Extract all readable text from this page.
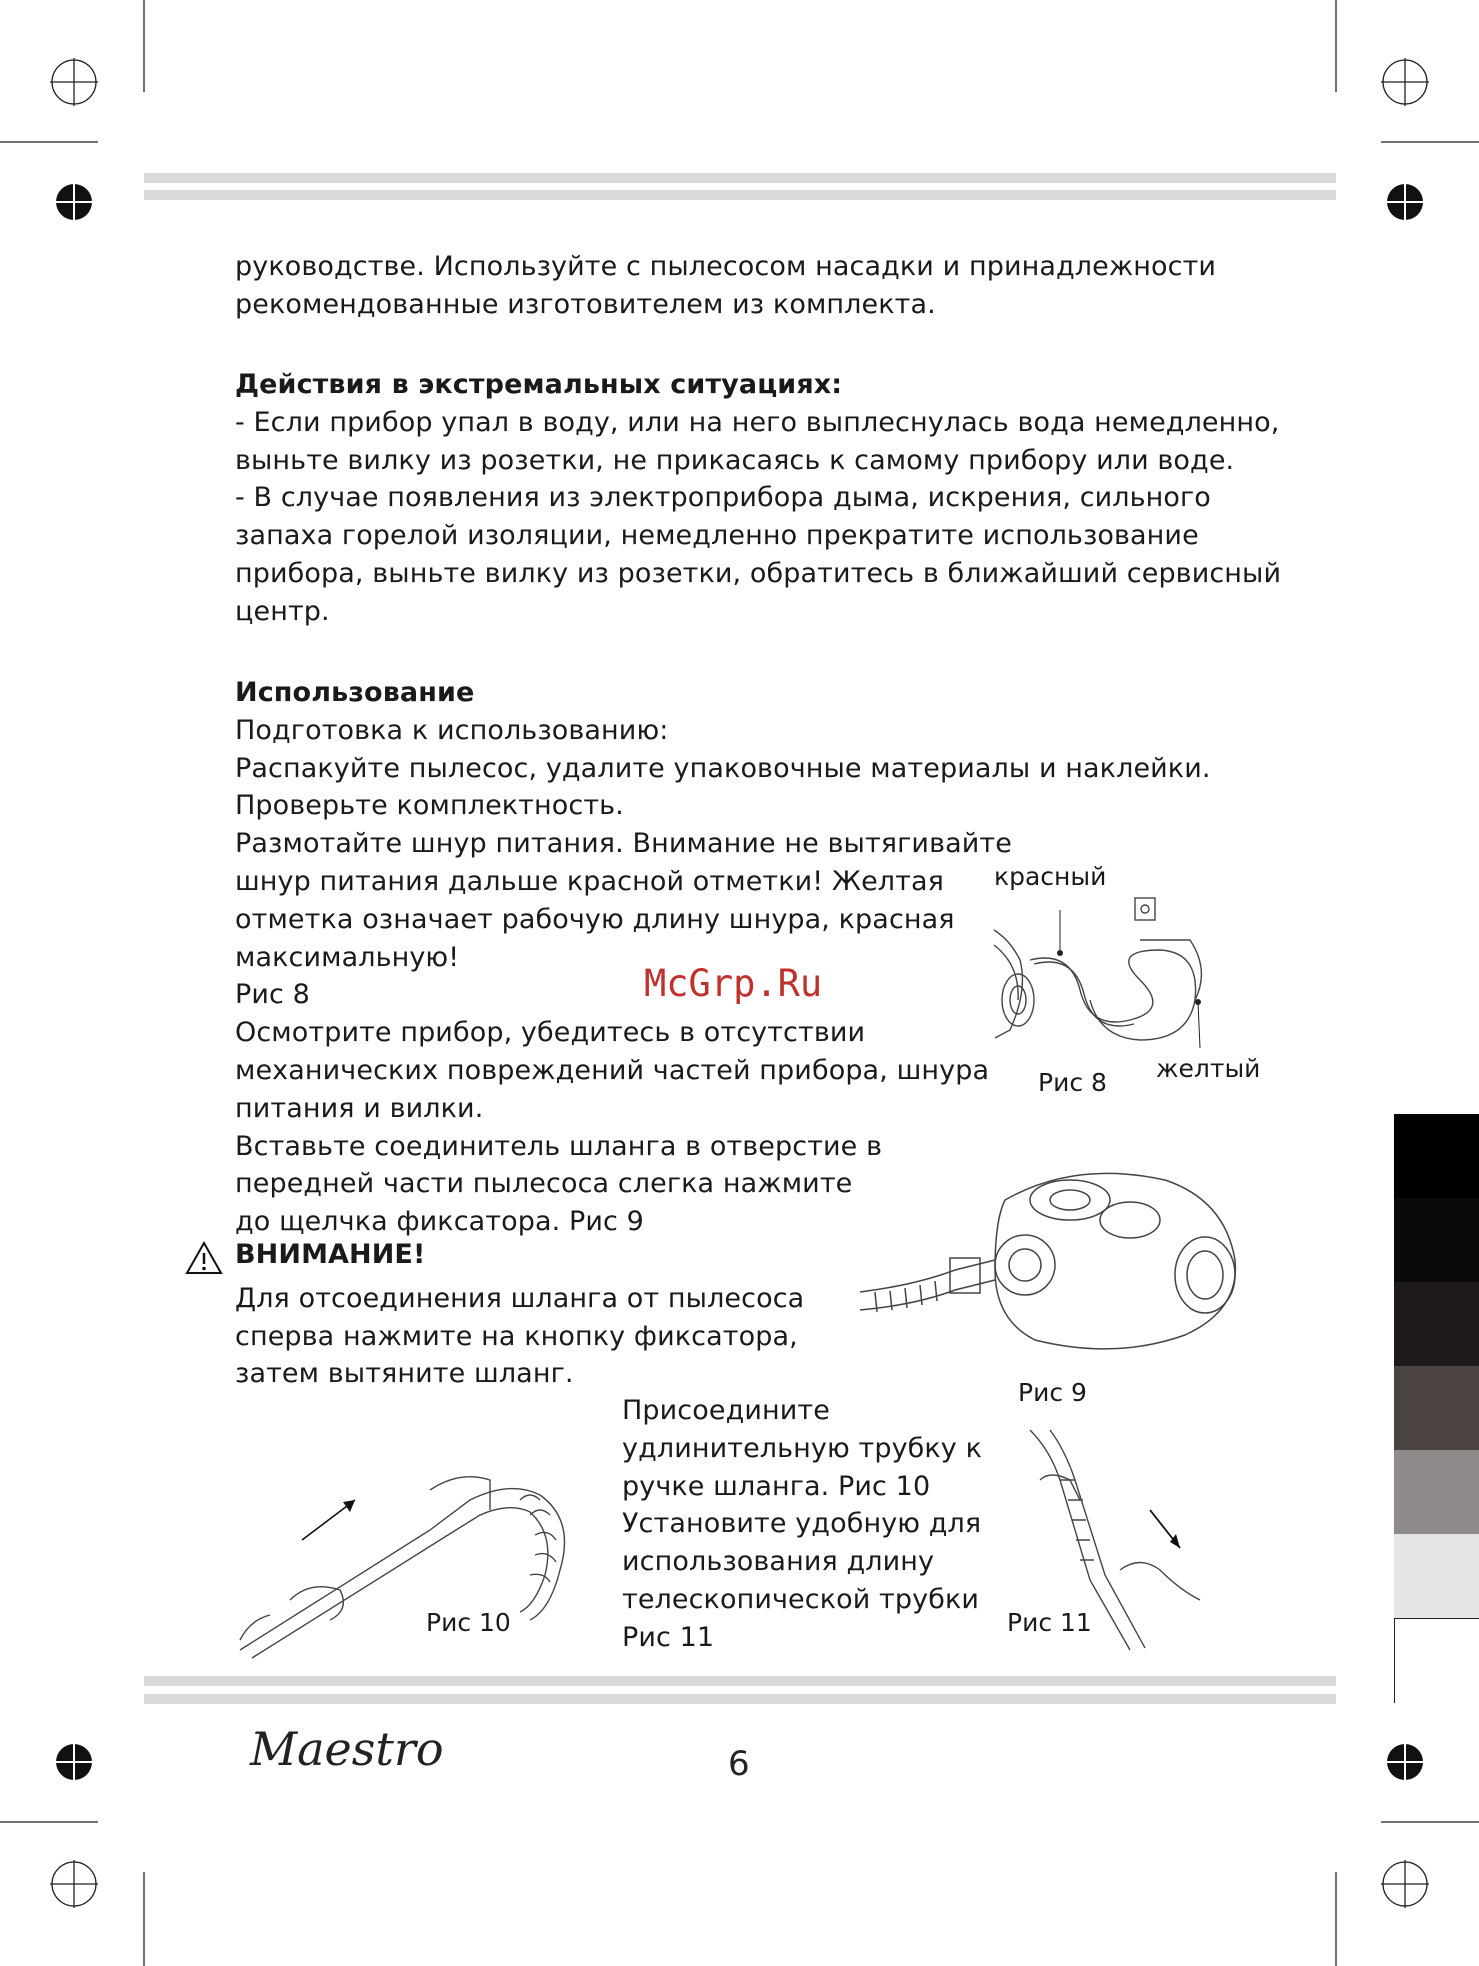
руководстве. Используйте с пылесосом насадки и принадлежности

рекомендованные изготовителем из комплекта.

Действия в экстремальных ситуациях:

- Если прибор упал в воду, или на него выплеснулась вода немедленно,

выньте вилку из розетки, не прикасаясь к самому прибору или воде.

- В случае появления из электроприбора дыма, искрения, сильного

запаха горелой изоляции, немедленно прекратите использование

прибора, выньте вилку из розетки, обратитесь в ближайший сервисный

центр.

Использование

Подготовка к использованию:

Распакуйте пылесос, удалите упаковочные материалы и наклейки.

Проверьте комплектность.

Размотайте шнур питания. Внимание не вытягивайте

шнур питания дальше красной отметки! Желтая

отметка означает рабочую длину шнура, красная

максимальную!

Рис 8

Осмотрите прибор, убедитесь в отсутствии

механических повреждений частей прибора, шнура

питания и вилки.

Вставьте соединитель шланга в отверстие в

передней части пылесоса слегка нажмите

до щелчка фиксатора. Рис 9

ВНИМАНИЕ!

Для отсоединения шланга от пылесоса

сперва нажмите на кнопку фиксатора,

затем вытяните шланг.

Присоедините

удлинительную трубку к

ручке шланга. Рис 10

Установите удобную для

использования длину

телескопической трубки

Рис 11

McGrp.Ru
красный
желтый
Рис 8
Рис 9
Рис 10	Рис 11
Maestro	6
